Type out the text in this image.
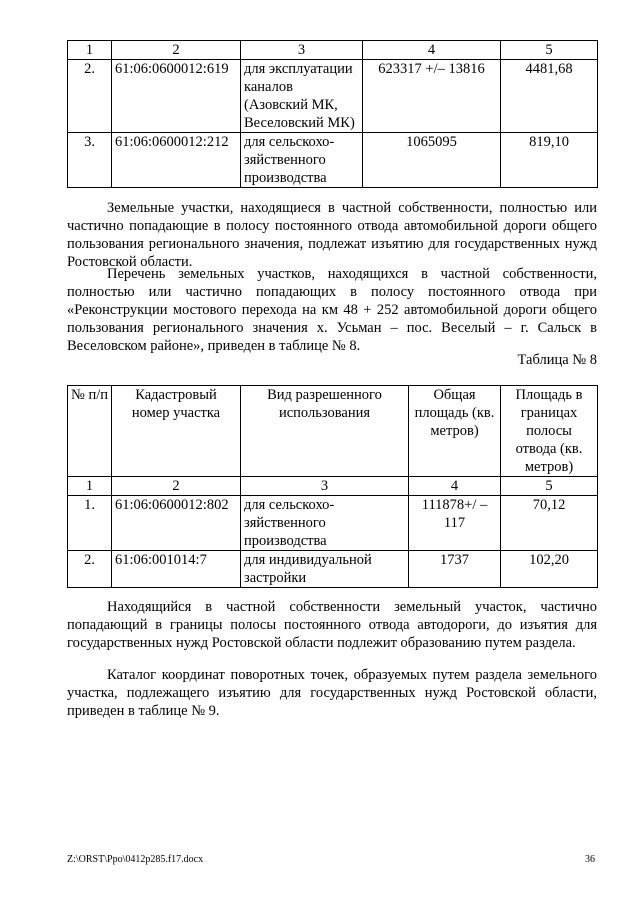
1	2	3	4	5
2.	61:06:0600012:619	для эксплуатации каналов (Азовский МК, Веселовский МК)	623317 +/– 13816	4481,68
3.	61:06:0600012:212	для сельскохо-зяйственного производства	1065095	819,10

Земельные участки, находящиеся в частной собственности, полностью или частично попадающие в полосу постоянного отвода автомобильной дороги общего пользования регионального значения, подлежат изъятию для государственных нужд Ростовской области.

Перечень земельных участков, находящихся в частной собственности, полностью или частично попадающих в полосу постоянного отвода при «Реконструкции мостового перехода на км 48 + 252 автомобильной дороги общего пользования регионального значения х. Усьман – пос. Веселый – г. Сальск в Веселовском районе», приведен в таблице № 8.

Таблица № 8
№ п/п	Кадастровый номер участка	Вид разрешенного использования	Общая площадь (кв. метров)	Площадь в границах полосы отвода (кв. метров)
1	2	3	4	5
1.	61:06:0600012:802	для сельскохо-зяйственного производства	111878+/ – 117	70,12
2.	61:06:001014:7	для индивидуальной застройки	1737	102,20

Находящийся в частной собственности земельный участок, частично попадающий в границы полосы постоянного отвода автодороги, до изъятия для государственных нужд Ростовской области подлежит образованию путем раздела.

Каталог координат поворотных точек, образуемых путем раздела земельного участка, подлежащего изъятию для государственных нужд Ростовской области, приведен в таблице № 9.

Z:\ORST\Ppo\0412p285.f17.docx	36
